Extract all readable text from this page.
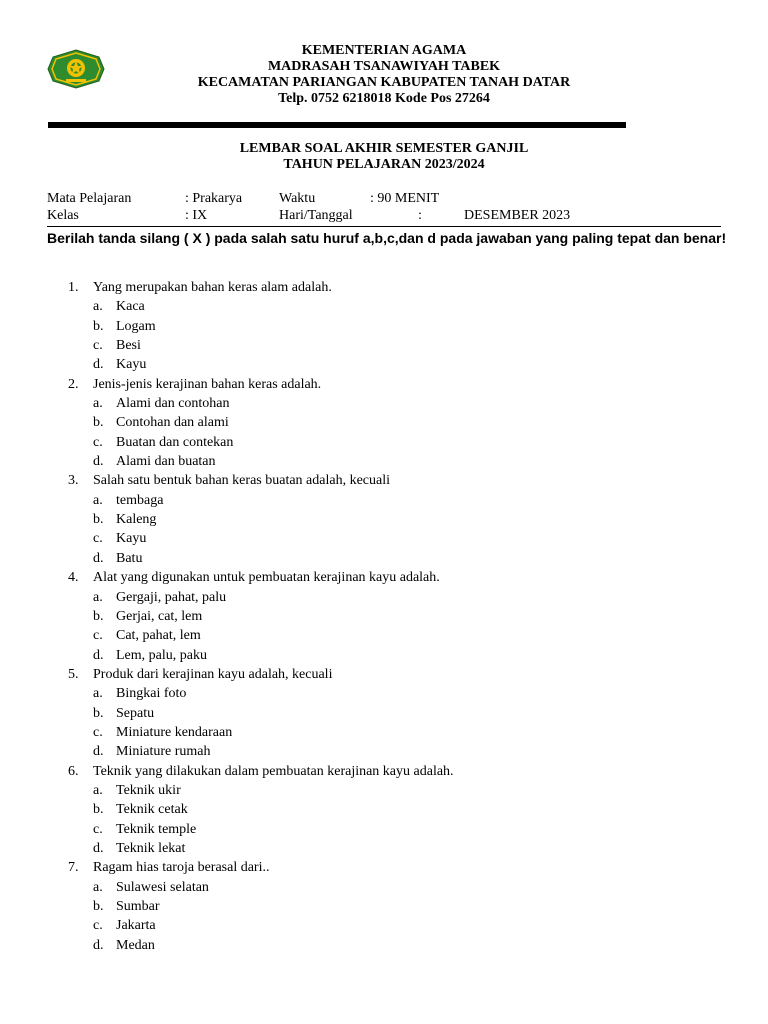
KEMENTERIAN AGAMA
MADRASAH TSANAWIYAH TABEK
KECAMATAN PARIANGAN KABUPATEN TANAH DATAR
Telp. 0752 6218018 Kode Pos 27264
LEMBAR SOAL AKHIR SEMESTER GANJIL
TAHUN PELAJARAN 2023/2024
Mata Pelajaran	: Prakarya	Waktu	: 90 MENIT
Kelas	: IX	Hari/Tanggal	:	DESEMBER 2023
Berilah tanda silang ( X ) pada salah satu huruf a,b,c,dan d pada jawaban yang paling tepat dan benar!
1. Yang merupakan bahan keras alam adalah.
a. Kaca
b. Logam
c. Besi
d. Kayu
2. Jenis-jenis kerajinan bahan keras adalah.
a. Alami dan contohan
b. Contohan dan alami
c. Buatan dan contekan
d. Alami dan buatan
3. Salah satu bentuk bahan keras buatan adalah, kecuali
a. tembaga
b. Kaleng
c. Kayu
d. Batu
4. Alat yang digunakan untuk pembuatan kerajinan kayu adalah.
a. Gergaji, pahat, palu
b. Gerjai, cat, lem
c. Cat, pahat, lem
d. Lem, palu, paku
5. Produk dari kerajinan kayu adalah, kecuali
a. Bingkai foto
b. Sepatu
c. Miniature kendaraan
d. Miniature rumah
6. Teknik yang dilakukan dalam pembuatan kerajinan kayu adalah.
a. Teknik ukir
b. Teknik cetak
c. Teknik temple
d. Teknik lekat
7. Ragam hias taroja berasal dari..
a. Sulawesi selatan
b. Sumbar
c. Jakarta
d. Medan
